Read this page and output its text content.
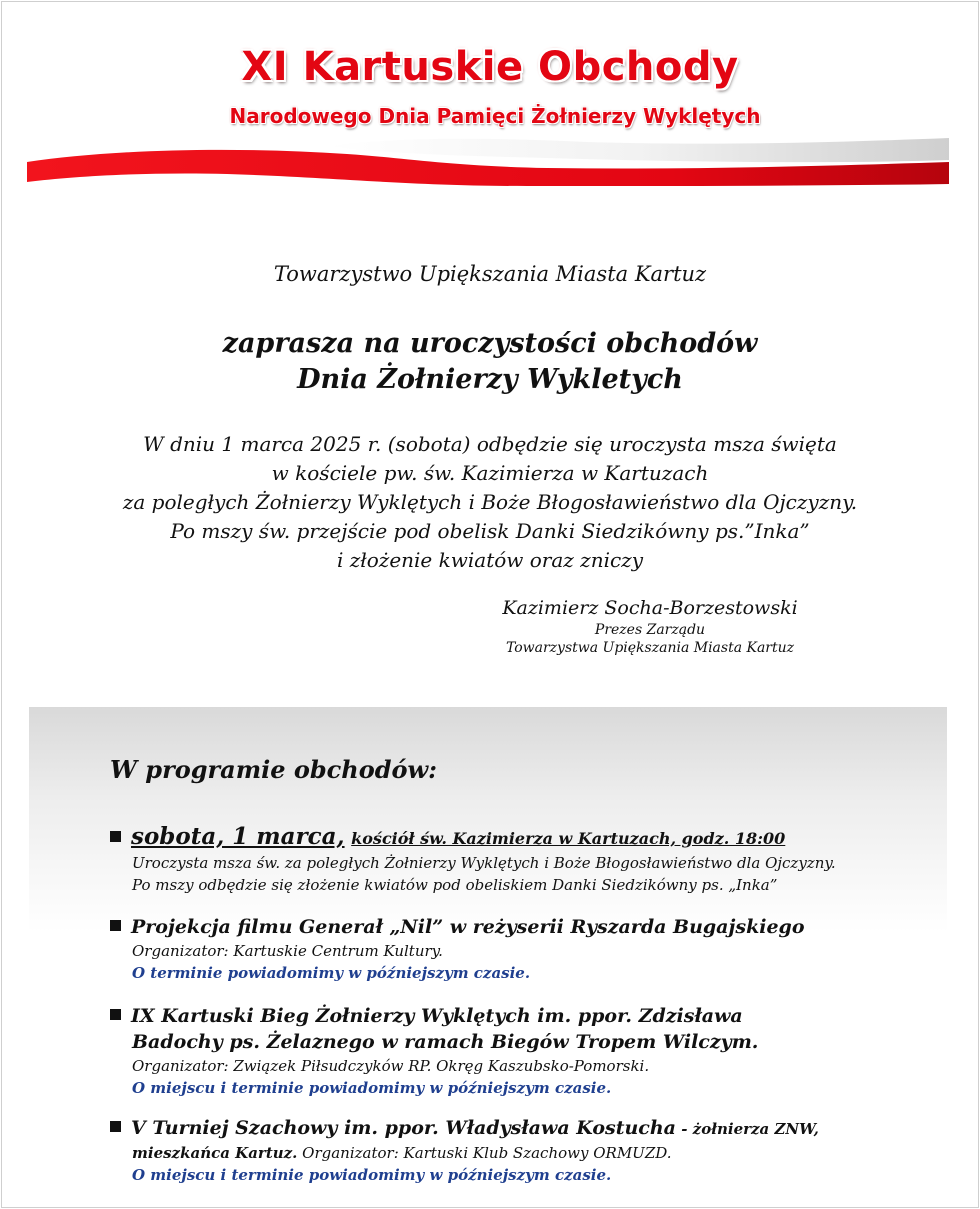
XI Kartuskie Obchody
Narodowego Dnia Pamięci Żołnierzy Wyklętych
Towarzystwo Upiększania Miasta Kartuz
zaprasza na uroczystości obchodów
Dnia Żołnierzy Wykletych
W dniu 1 marca 2025 r. (sobota) odbędzie się uroczysta msza święta
w kościele pw. św. Kazimierza w Kartuzach
za poległych Żołnierzy Wyklętych i Boże Błogosławieństwo dla Ojczyzny.
Po mszy św. przejście pod obelisk Danki Siedzikówny ps.”Inka”
i złożenie kwiatów oraz zniczy
Kazimierz Socha-Borzestowski
Prezes Zarządu
Towarzystwa Upiększania Miasta Kartuz
W programie obchodów:
sobota, 1 marca, kościół św. Kazimierza w Kartuzach, godz. 18:00
Uroczysta msza św. za poległych Żołnierzy Wyklętych i Boże Błogosławieństwo dla Ojczyzny.
Po mszy odbędzie się złożenie kwiatów pod obeliskiem Danki Siedzikówny ps. „Inka”
Projekcja filmu Generał „Nil” w reżyserii Ryszarda Bugajskiego
Organizator: Kartuskie Centrum Kultury.
O terminie powiadomimy w późniejszym czasie.
IX Kartuski Bieg Żołnierzy Wyklętych im. ppor. Zdzisława
Badochy ps. Żelaznego w ramach Biegów Tropem Wilczym.
Organizator: Związek Piłsudczyków RP. Okręg Kaszubsko-Pomorski.
O miejscu i terminie powiadomimy w późniejszym czasie.
V Turniej Szachowy im. ppor. Władysława Kostucha - żołnierza ZNW,
mieszkańca Kartuz. Organizator: Kartuski Klub Szachowy ORMUZD.
O miejscu i terminie powiadomimy w późniejszym czasie.
